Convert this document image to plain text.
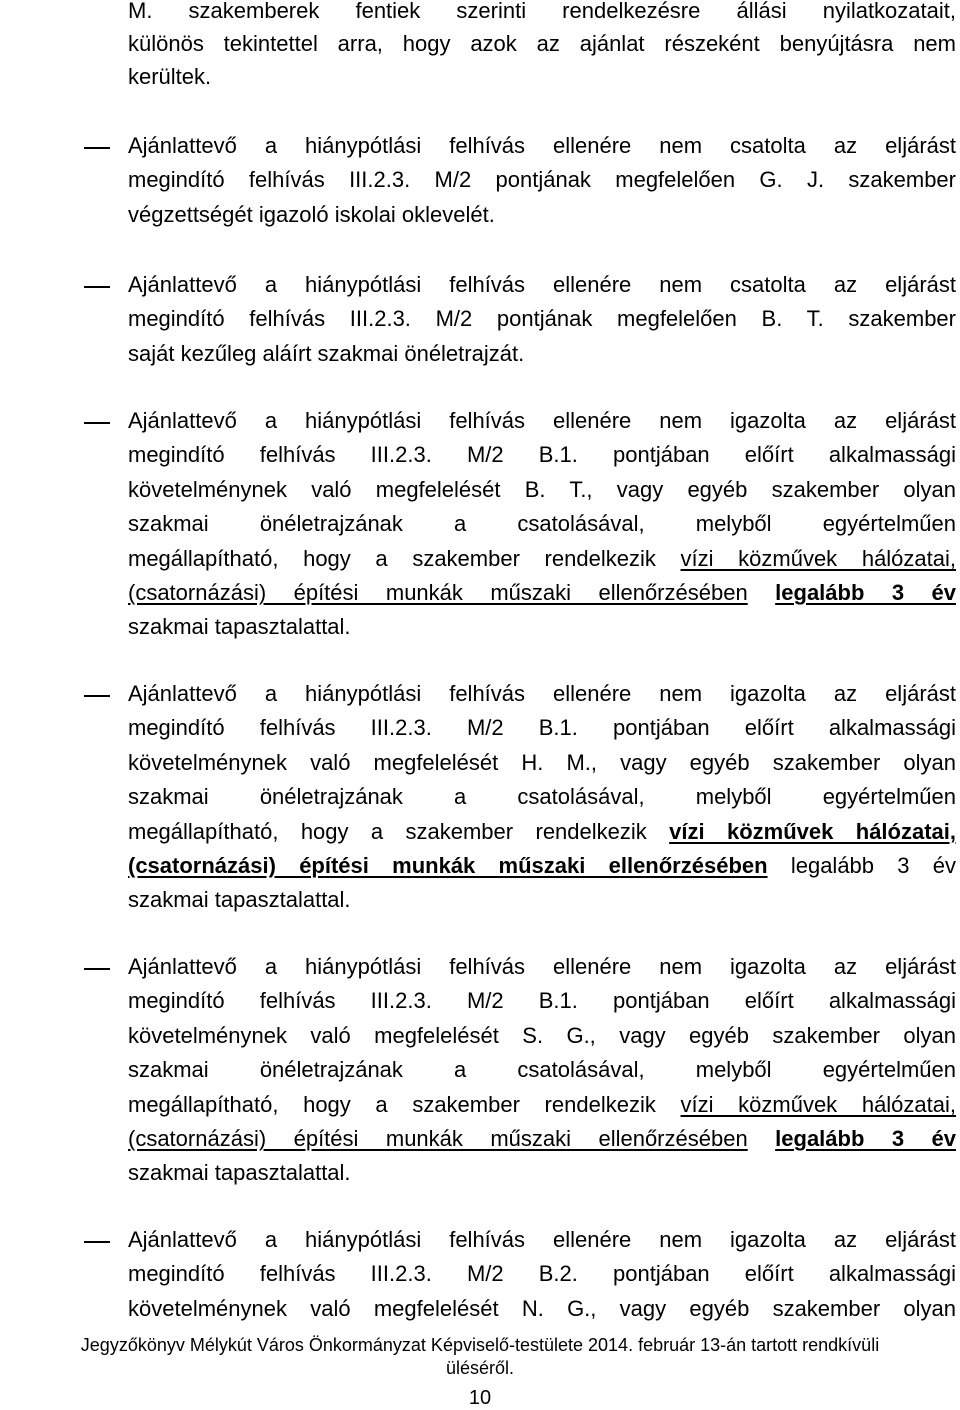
M. szakemberek fentiek szerinti rendelkezésre állási nyilatkozatait,
különös tekintettel arra, hogy azok az ajánlat részeként benyújtásra nem
kerültek.
Ajánlattevő a hiánypótlási felhívás ellenére nem csatolta az eljárást
megindító felhívás III.2.3. M/2 pontjának megfelelően G. J. szakember
végzettségét igazoló iskolai oklevelét.
Ajánlattevő a hiánypótlási felhívás ellenére nem csatolta az eljárást
megindító felhívás III.2.3. M/2 pontjának megfelelően B. T. szakember
saját kezűleg aláírt szakmai önéletrajzát.
Ajánlattevő a hiánypótlási felhívás ellenére nem igazolta az eljárást
megindító felhívás III.2.3. M/2 B.1. pontjában előírt alkalmassági
követelménynek való megfelelését B. T., vagy egyéb szakember olyan
szakmai önéletrajzának a csatolásával, melyből egyértelműen
megállapítható, hogy a szakember rendelkezik vízi közművek hálózatai,
(csatornázási) építési munkák műszaki ellenőrzésében legalább 3 év
szakmai tapasztalattal.
Ajánlattevő a hiánypótlási felhívás ellenére nem igazolta az eljárást
megindító felhívás III.2.3. M/2 B.1. pontjában előírt alkalmassági
követelménynek való megfelelését H. M., vagy egyéb szakember olyan
szakmai önéletrajzának a csatolásával, melyből egyértelműen
megállapítható, hogy a szakember rendelkezik vízi közművek hálózatai,
(csatornázási) építési munkák műszaki ellenőrzésében legalább 3 év
szakmai tapasztalattal.
Ajánlattevő a hiánypótlási felhívás ellenére nem igazolta az eljárást
megindító felhívás III.2.3. M/2 B.1. pontjában előírt alkalmassági
követelménynek való megfelelését S. G., vagy egyéb szakember olyan
szakmai önéletrajzának a csatolásával, melyből egyértelműen
megállapítható, hogy a szakember rendelkezik vízi közművek hálózatai,
(csatornázási) építési munkák műszaki ellenőrzésében legalább 3 év
szakmai tapasztalattal.
Ajánlattevő a hiánypótlási felhívás ellenére nem igazolta az eljárást
megindító felhívás III.2.3. M/2 B.2. pontjában előírt alkalmassági
követelménynek való megfelelését N. G., vagy egyéb szakember olyan
Jegyzőkönyv Mélykút Város Önkormányzat Képviselő-testülete 2014. február 13-án tartott rendkívüli
üléséről.
10
